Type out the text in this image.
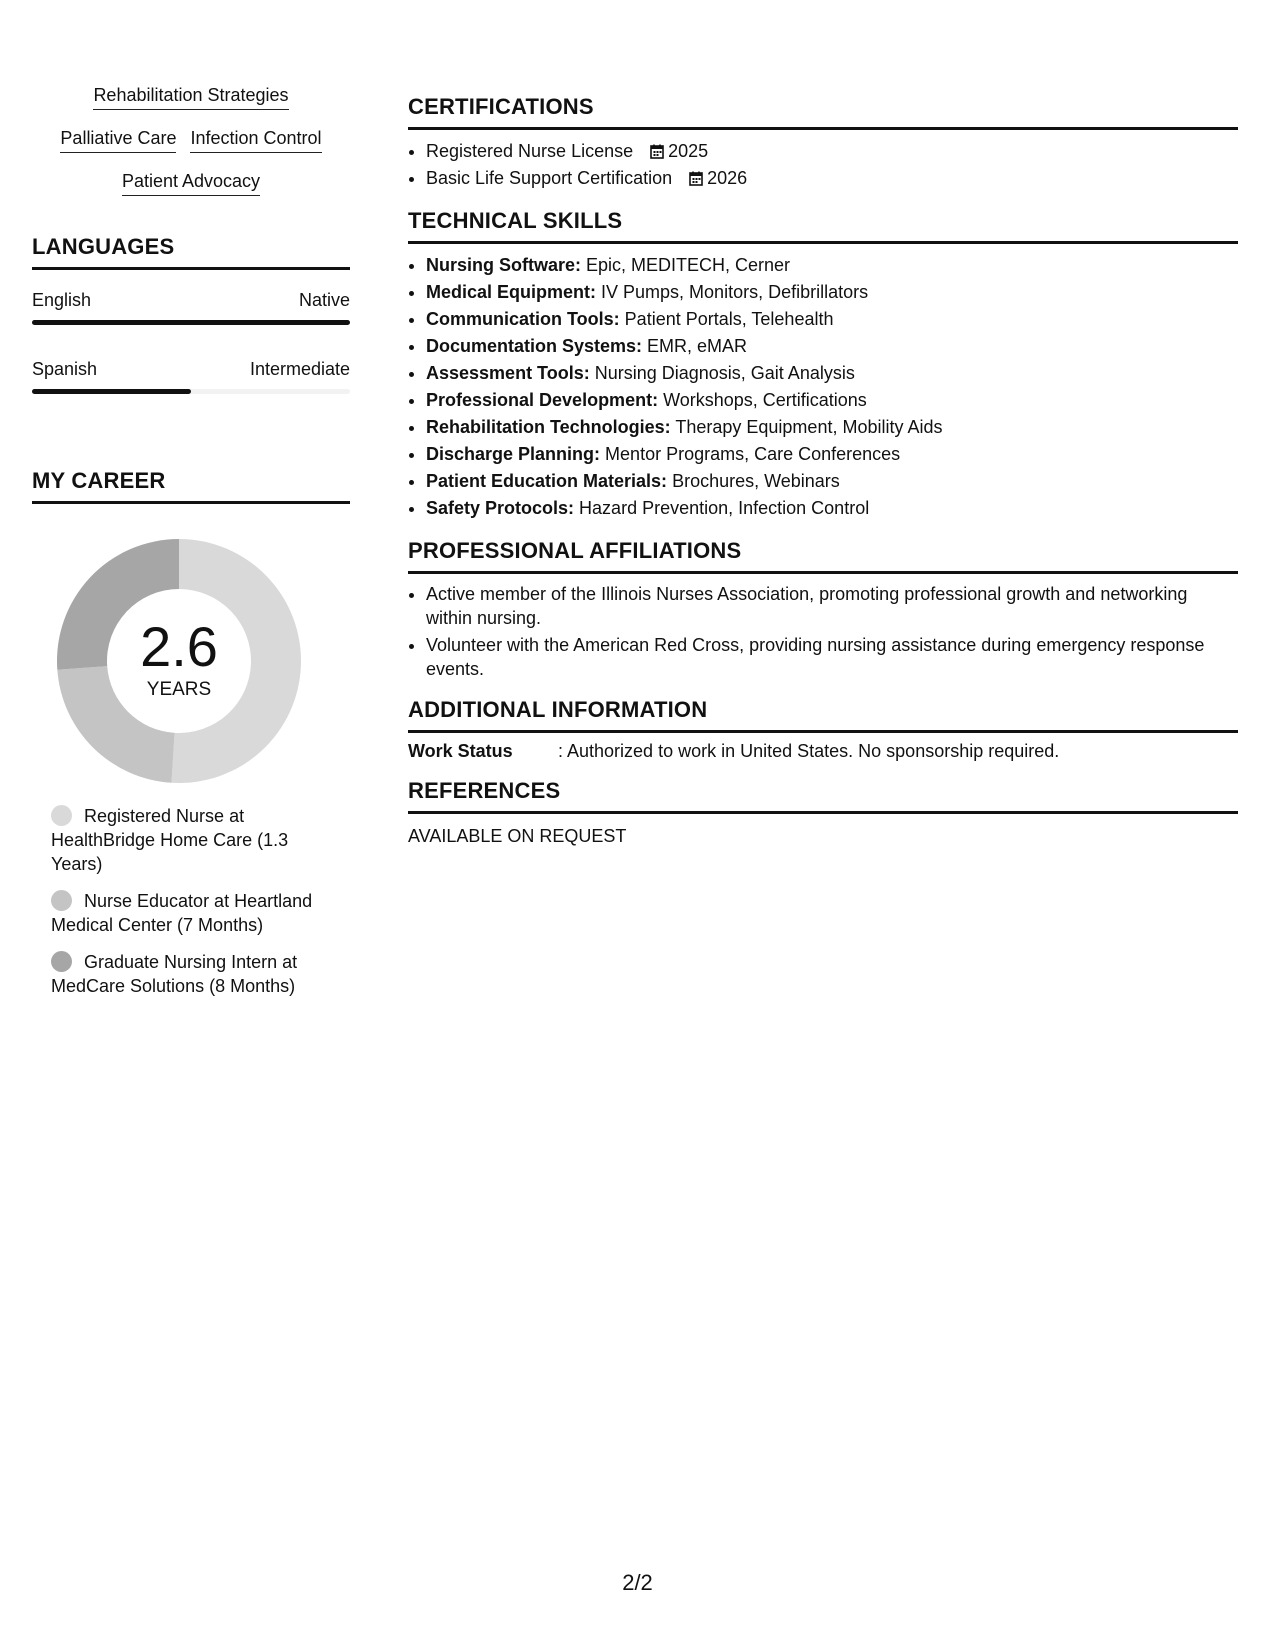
Rehabilitation Strategies
Palliative Care Infection Control
Patient Advocacy
LANGUAGES
English	Native
Spanish	Intermediate
MY CAREER
2.6
YEARS
Registered Nurse at HealthBridge Home Care (1.3 Years)
Nurse Educator at Heartland Medical Center (7 Months)
Graduate Nursing Intern at MedCare Solutions (8 Months)
CERTIFICATIONS
• Registered Nurse License 2025
• Basic Life Support Certification 2026
TECHNICAL SKILLS
• Nursing Software: Epic, MEDITECH, Cerner
• Medical Equipment: IV Pumps, Monitors, Defibrillators
• Communication Tools: Patient Portals, Telehealth
• Documentation Systems: EMR, eMAR
• Assessment Tools: Nursing Diagnosis, Gait Analysis
• Professional Development: Workshops, Certifications
• Rehabilitation Technologies: Therapy Equipment, Mobility Aids
• Discharge Planning: Mentor Programs, Care Conferences
• Patient Education Materials: Brochures, Webinars
• Safety Protocols: Hazard Prevention, Infection Control
PROFESSIONAL AFFILIATIONS
• Active member of the Illinois Nurses Association, promoting professional growth and networking within nursing.
• Volunteer with the American Red Cross, providing nursing assistance during emergency response events.
ADDITIONAL INFORMATION
Work Status	: Authorized to work in United States. No sponsorship required.
REFERENCES
AVAILABLE ON REQUEST
2/2
